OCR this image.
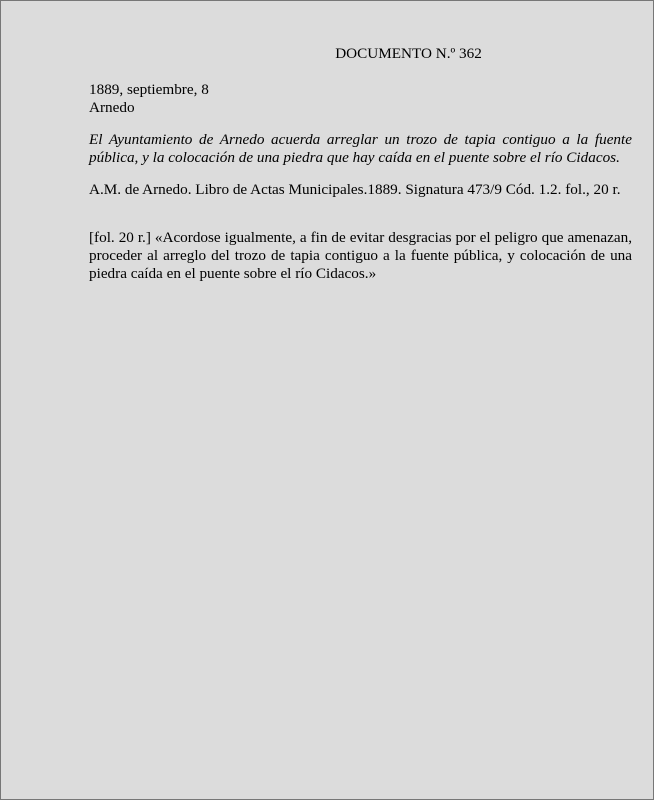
DOCUMENTO N.º 362
1889, septiembre, 8
Arnedo
El Ayuntamiento de Arnedo acuerda arreglar un trozo de tapia contiguo a la fuente pública, y la colocación de una piedra que hay caída en el puente sobre el río Cidacos.
A.M. de Arnedo. Libro de Actas Municipales.1889. Signatura 473/9 Cód. 1.2. fol., 20 r.
[fol. 20 r.] «Acordose igualmente, a fin de evitar desgracias por el peligro que amenazan, proceder al arreglo del trozo de tapia contiguo a la fuente pública, y colocación de una piedra caída en el puente sobre el río Cidacos.»
